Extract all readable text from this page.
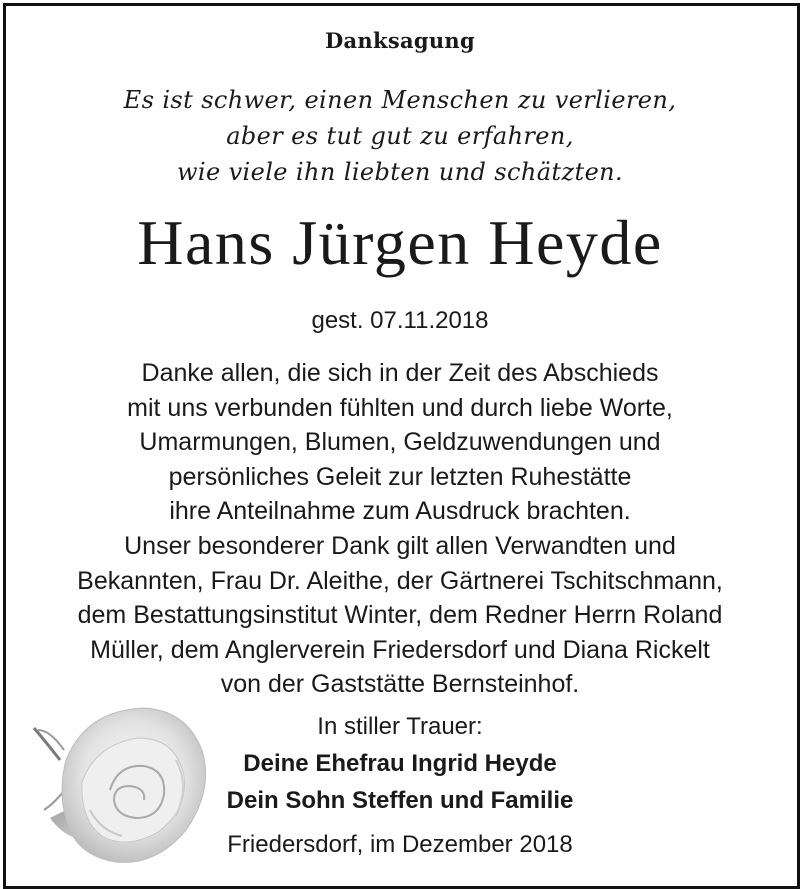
Danksagung
Es ist schwer, einen Menschen zu verlieren,
aber es tut gut zu erfahren,
wie viele ihn liebten und schätzten.
Hans Jürgen Heyde
gest. 07.11.2018
Danke allen, die sich in der Zeit des Abschieds
mit uns verbunden fühlten und durch liebe Worte,
Umarmungen, Blumen, Geldzuwendungen und
persönliches Geleit zur letzten Ruhestätte
ihre Anteilnahme zum Ausdruck brachten.
Unser besonderer Dank gilt allen Verwandten und
Bekannten, Frau Dr. Aleithe, der Gärtnerei Tschitschmann,
dem Bestattungsinstitut Winter, dem Redner Herrn Roland
Müller, dem Anglerverein Friedersdorf und Diana Rickelt
von der Gaststätte Bernsteinhof.
In stiller Trauer:
Deine Ehefrau Ingrid Heyde
Dein Sohn Steffen und Familie
Friedersdorf, im Dezember 2018
